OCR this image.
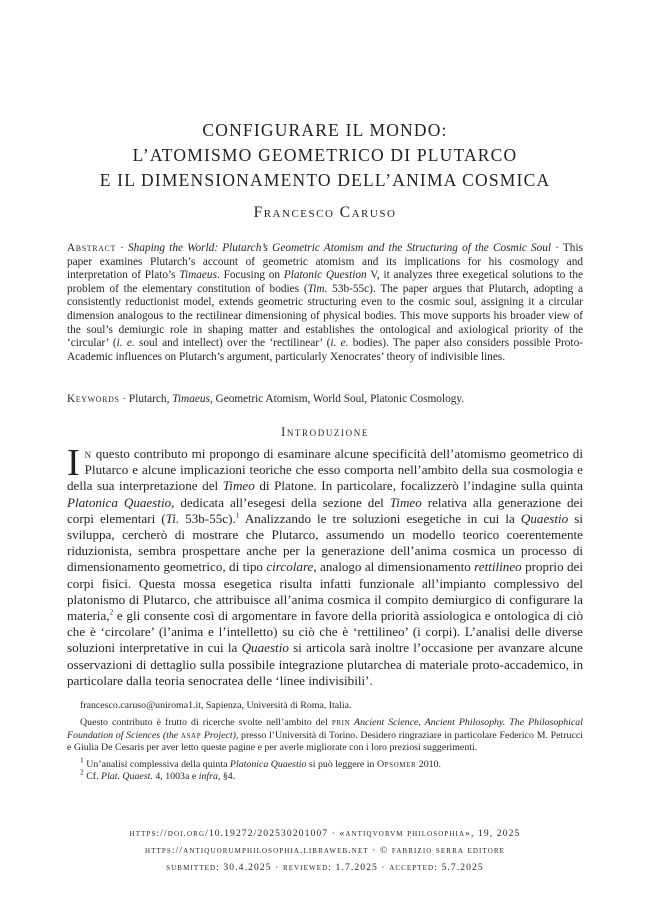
CONFIGURARE IL MONDO:
L’ATOMISMO GEOMETRICO DI PLUTARCO
E IL DIMENSIONAMENTO DELL’ANIMA COSMICA
Francesco Caruso
Abstract · Shaping the World: Plutarch’s Geometric Atomism and the Structuring of the Cosmic Soul · This paper examines Plutarch’s account of geometric atomism and its implications for his cosmology and interpretation of Plato’s Timaeus. Focusing on Platonic Question V, it analyzes three exegetical solutions to the problem of the elementary constitution of bodies (Tim. 53b-55c). The paper argues that Plutarch, adopting a consistently reductionist model, extends geometric structuring even to the cosmic soul, assigning it a circular dimension analogous to the rectilinear dimensioning of physical bodies. This move supports his broader view of the soul’s demiurgic role in shaping matter and establishes the ontological and axiological priority of the ‘circular’ (i. e. soul and intellect) over the ‘rectilinear’ (i. e. bodies). The paper also considers possible Proto-Academic influences on Plutarch’s argument, particularly Xenocrates’ theory of indivisible lines.
Keywords · Plutarch, Timaeus, Geometric Atomism, World Soul, Platonic Cosmology.
Introduzione
In questo contributo mi propongo di esaminare alcune specificità dell’atomismo geometrico di Plutarco e alcune implicazioni teoriche che esso comporta nell’ambito della sua cosmologia e della sua interpretazione del Timeo di Platone. In particolare, focalizzerò l’indagine sulla quinta Platonica Quaestio, dedicata all’esegesi della sezione del Timeo relativa alla generazione dei corpi elementari (Ti. 53b-55c).$^1$ Analizzando le tre soluzioni esegetiche in cui la Quaestio si sviluppa, cercherò di mostrare che Plutarco, assumendo un modello teorico coerentemente riduzionista, sembra prospettare anche per la generazione dell’anima cosmica un processo di dimensionamento geometrico, di tipo circolare, analogo al dimensionamento rettilineo proprio dei corpi fisici. Questa mossa esegetica risulta infatti funzionale all’impianto complessivo del platonismo di Plutarco, che attribuisce all’anima cosmica il compito demiurgico di configurare la materia,$^2$ e gli consente così di argomentare in favore della priorità assiologica e ontologica di ciò che è ‘circolare’ (l’anima e l’intelletto) su ciò che è ‘rettilineo’ (i corpi). L’analisi delle diverse soluzioni interpretative in cui la Quaestio si articola sarà inoltre l’occasione per avanzare alcune osservazioni di dettaglio sulla possibile integrazione plutarchea di materiale proto-accademico, in particolare dalla teoria senocratea delle ‘linee indivisibili’.

francesco.caruso@uniroma1.it, Sapienza, Università di Roma, Italia.

Questo contributo è frutto di ricerche svolte nell’ambito del prin Ancient Science, Ancient Philosophy. The Philosophical Foundation of Sciences (the asap Project), presso l’Università di Torino. Desidero ringraziare in particolare Federico M. Petrucci e Giulia De Cesaris per aver letto queste pagine e per averle migliorate con i loro preziosi suggerimenti.

$^1$ Un’analisi complessiva della quinta Platonica Quaestio si può leggere in Opsomer 2010.

$^2$ Cf. Plat. Quaest. 4, 1003a e infra, §4.

https://doi.org/10.19272/202530201007 · «antiqvorvm philosophia», 19, 2025
https://antiquorumphilosophia.libraweb.net · © fabrizio serra editore
submitted: 30.4.2025 · reviewed: 1.7.2025 · accepted: 5.7.2025
